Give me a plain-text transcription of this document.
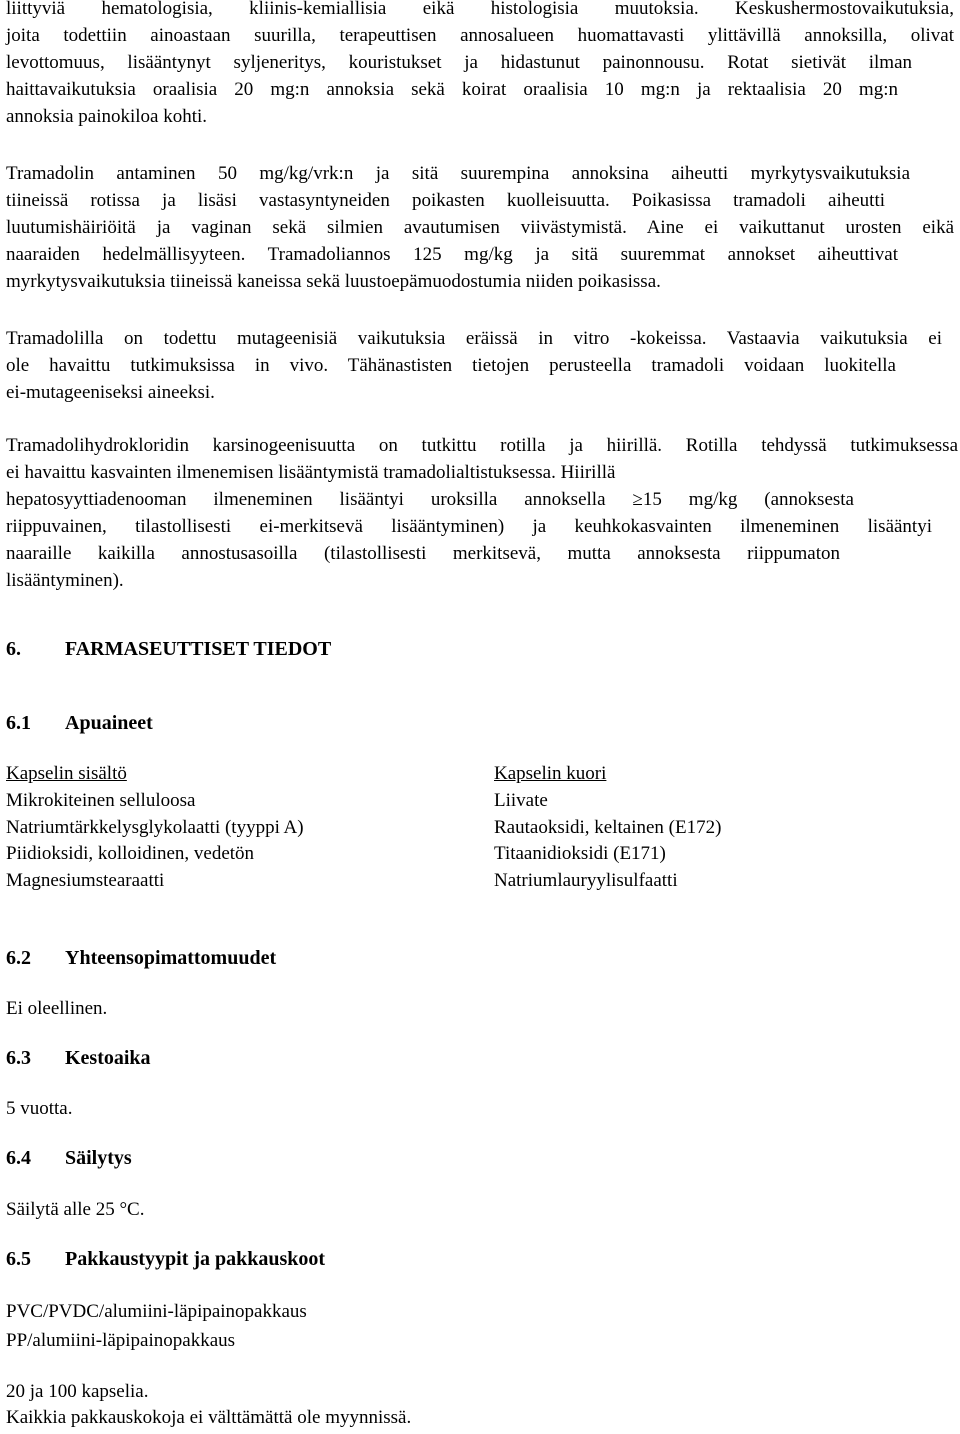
liittyviä hematologisia, kliinis-kemiallisia eikä histologisia muutoksia. Keskushermostovaikutuksia,
joita todettiin ainoastaan suurilla, terapeuttisen annosalueen huomattavasti ylittävillä annoksilla, olivat
levottomuus, lisääntynyt syljeneritys, kouristukset ja hidastunut painonnousu. Rotat sietivät ilman
haittavaikutuksia oraalisia 20 mg:n annoksia sekä koirat oraalisia 10 mg:n ja rektaalisia 20 mg:n
annoksia painokiloa kohti.

Tramadolin antaminen 50 mg/kg/vrk:n ja sitä suurempina annoksina aiheutti myrkytysvaikutuksia
tiineissä rotissa ja lisäsi vastasyntyneiden poikasten kuolleisuutta. Poikasissa tramadoli aiheutti
luutumishäiriöitä ja vaginan sekä silmien avautumisen viivästymistä. Aine ei vaikuttanut urosten eikä
naaraiden hedelmällisyyteen. Tramadoliannos 125 mg/kg ja sitä suuremmat annokset aiheuttivat
myrkytysvaikutuksia tiineissä kaneissa sekä luustoepämuodostumia niiden poikasissa.

Tramadolilla on todettu mutageenisiä vaikutuksia eräissä in vitro -kokeissa. Vastaavia vaikutuksia ei
ole havaittu tutkimuksissa in vivo. Tähänastisten tietojen perusteella tramadoli voidaan luokitella
ei-mutageeniseksi aineeksi.

Tramadolihydrokloridin karsinogeenisuutta on tutkittu rotilla ja hiirillä. Rotilla tehdyssä tutkimuksessa
ei havaittu kasvainten ilmenemisen lisääntymistä tramadolialtistuksessa. Hiirillä
hepatosyyttiadenooman ilmeneminen lisääntyi uroksilla annoksella ≥15 mg/kg (annoksesta
riippuvainen, tilastollisesti ei-merkitsevä lisääntyminen) ja keuhkokasvainten ilmeneminen lisääntyi
naaraille kaikilla annostusasoilla (tilastollisesti merkitsevä, mutta annoksesta riippumaton
lisääntyminen).

6. FARMASEUTTISET TIEDOT
6.1 Apuaineet
Kapselin sisältö
Mikrokiteinen selluloosa
Natriumtärkkelysglykolaatti (tyyppi A)
Piidioksidi, kolloidinen, vedetön
Magnesiumstearaatti
Kapselin kuori
Liivate
Rautaoksidi, keltainen (E172)
Titaanidioksidi (E171)
Natriumlauryylisulfaatti
6.2 Yhteensopimattomuudet
Ei oleellinen.
6.3 Kestoaika
5 vuotta.
6.4 Säilytys
Säilytä alle 25 °C.
6.5 Pakkaustyypit ja pakkauskoot
PVC/PVDC/alumiini-läpipainopakkaus
PP/alumiini-läpipainopakkaus
20 ja 100 kapselia.
Kaikkia pakkauskokoja ei välttämättä ole myynnissä.
